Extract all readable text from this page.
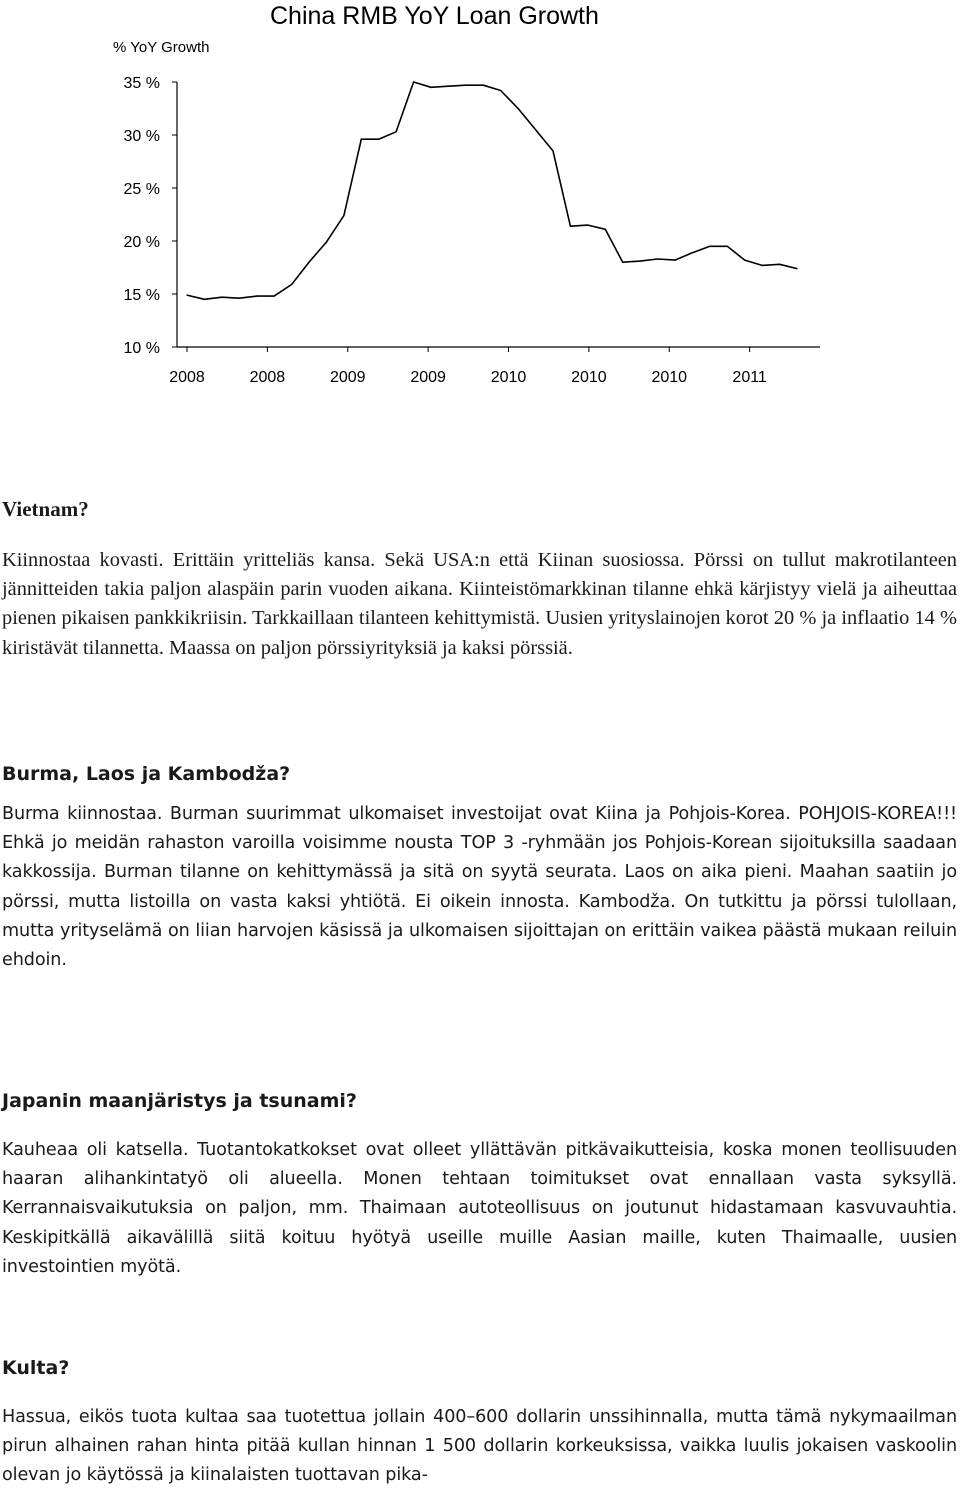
China RMB YoY Loan Growth
% YoY Growth
35 %
30 %
25 %
20 %
15 %
10 %
2008	2008	2009	2009	2010	2010	2010	2011
Vietnam?

Kiinnostaa kovasti. Erittäin yritteliäs kansa. Sekä USA:n että Kiinan suosiossa. Pörssi on tullut makrotilanteen jännitteiden takia paljon alaspäin parin vuoden aikana. Kiinteistömarkkinan tilanne ehkä kärjistyy vielä ja aiheuttaa pienen pikaisen pankkikriisin. Tarkkaillaan tilanteen kehittymistä. Uusien yrityslainojen korot 20 % ja inflaatio 14 % kiristävät tilannetta. Maassa on paljon pörssiyrityksiä ja kaksi pörssiä.

Burma, Laos ja Kambodža?

Burma kiinnostaa. Burman suurimmat ulkomaiset investoijat ovat Kiina ja Pohjois-Korea. POHJOIS-KOREA!!! Ehkä jo meidän rahaston varoilla voisimme nousta TOP 3 -ryhmään jos Pohjois-Korean sijoituksilla saadaan kakkossija. Burman tilanne on kehittymässä ja sitä on syytä seurata. Laos on aika pieni. Maahan saatiin jo pörssi, mutta listoilla on vasta kaksi yhtiötä. Ei oikein innosta. Kambodža. On tutkittu ja pörssi tulollaan, mutta yrityselämä on liian harvojen käsissä ja ulkomaisen sijoittajan on erittäin vaikea päästä mukaan reiluin ehdoin.

Japanin maanjäristys ja tsunami?

Kauheaa oli katsella. Tuotantokatkokset ovat olleet yllättävän pitkävaikutteisia, koska monen teollisuuden haaran alihankintatyö oli alueella. Monen tehtaan toimitukset ovat ennallaan vasta syksyllä. Kerrannaisvaikutuksia on paljon, mm. Thaimaan autoteollisuus on joutunut hidastamaan kasvuvauhtia. Keskipitkällä aikavälillä siitä koituu hyötyä useille muille Aasian maille, kuten Thaimaalle, uusien investointien myötä.

Kulta?

Hassua, eikös tuota kultaa saa tuotettua jollain 400–600 dollarin unssihinnalla, mutta tämä nykymaailman pirun alhainen rahan hinta pitää kullan hinnan 1 500 dollarin korkeuksissa, vaikka luulis jokaisen vaskoolin olevan jo käytössä ja kiinalaisten tuottavan pika-
